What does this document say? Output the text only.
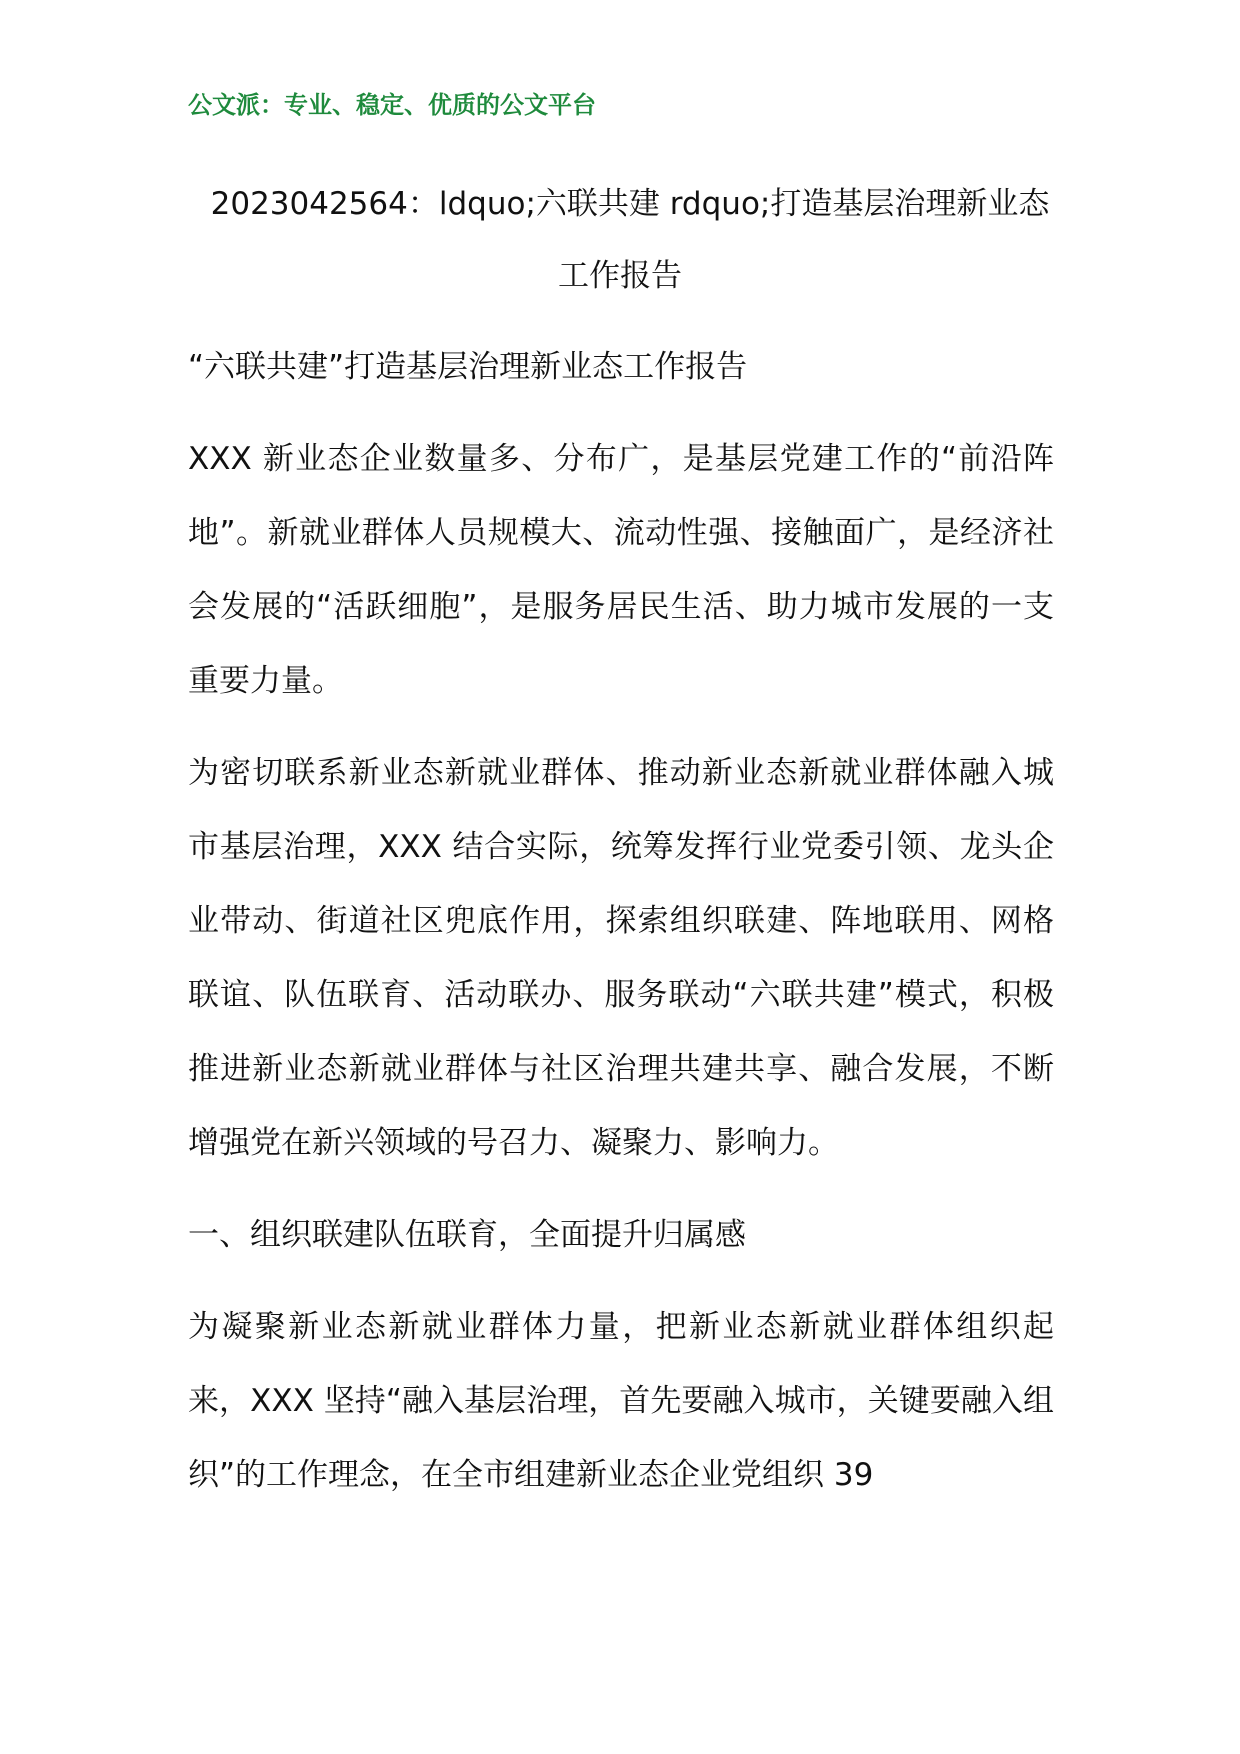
公文派：专业、稳定、优质的公文平台
2023042564：ldquo;六联共建 rdquo;打造基层治理新业态工作报告

“六联共建”打造基层治理新业态工作报告

XXX 新业态企业数量多、分布广，是基层党建工作的“前沿阵地”。新就业群体人员规模大、流动性强、接触面广，是经济社会发展的“活跃细胞”，是服务居民生活、助力城市发展的一支重要力量。

为密切联系新业态新就业群体、推动新业态新就业群体融入城市基层治理，XXX 结合实际，统筹发挥行业党委引领、龙头企业带动、街道社区兜底作用，探索组织联建、阵地联用、网格联谊、队伍联育、活动联办、服务联动“六联共建”模式，积极推进新业态新就业群体与社区治理共建共享、融合发展，不断增强党在新兴领域的号召力、凝聚力、影响力。

一、组织联建队伍联育，全面提升归属感

为凝聚新业态新就业群体力量，把新业态新就业群体组织起来，XXX 坚持“融入基层治理，首先要融入城市，关键要融入组织”的工作理念，在全市组建新业态企业党组织 39
